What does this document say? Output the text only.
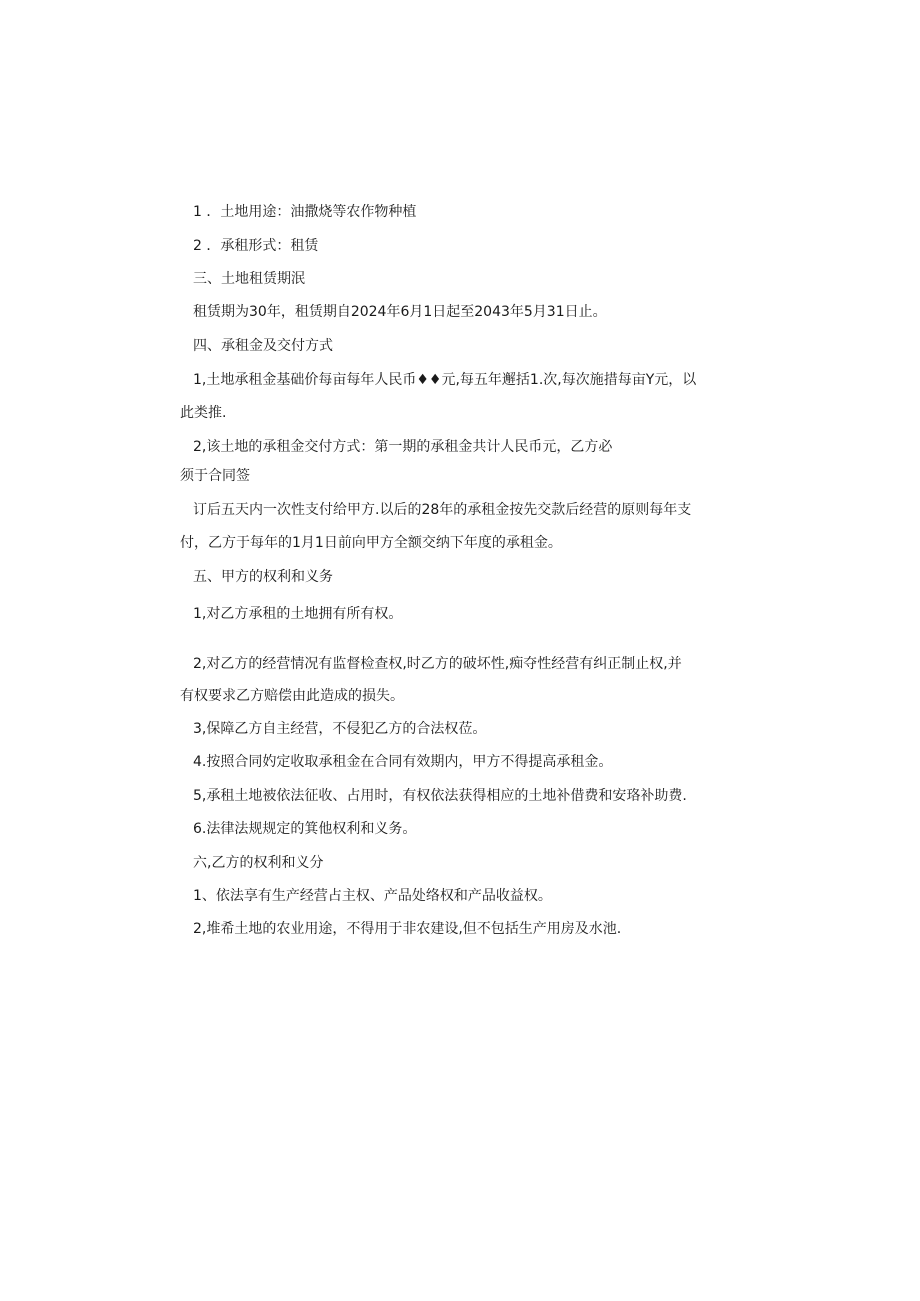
1 ．土地用途：油撒烧等农作物种植
2 ．承租形式：租赁
三、土地租赁期泯
租赁期为30年，租赁期自2024年6月1日起至2043年5月31日止。
四、承租金及交付方式
1,土地承租金基础价每亩每年人民币♦♦元,每五年邂括1.次,每次施措每亩Y元，以
此类推.
2,该土地的承租金交付方式：第一期的承租金共计人民币元，乙方必
须于合同签
订后五天内一次性支付给甲方.以后的28年的承租金按先交款后经营的原则每年支
付，乙方于每年的1月1日前向甲方全额交纳下年度的承租金。
五、甲方的权利和义务
1,对乙方承租的土地拥有所有权。
2,对乙方的经营情况有监督检查权,时乙方的破坏性,痴夺性经营有纠正制止权,并
有权要求乙方赔偿由此造成的损失。
3,保障乙方自主经营，不侵犯乙方的合法权莅。
4.按照合同妁定收取承租金在合同有效期内，甲方不得提高承租金。
5,承租土地被依法征收、占用时，有权依法获得相应的土地补借费和安珞补助费.
6.法律法规规定的箕他权利和义务。
六,乙方的权利和义分
1、依法享有生产经营占主权、产品处络权和产品收益权。
2,堆希土地的农业用途，不得用于非农建设,但不包括生产用房及水池.
